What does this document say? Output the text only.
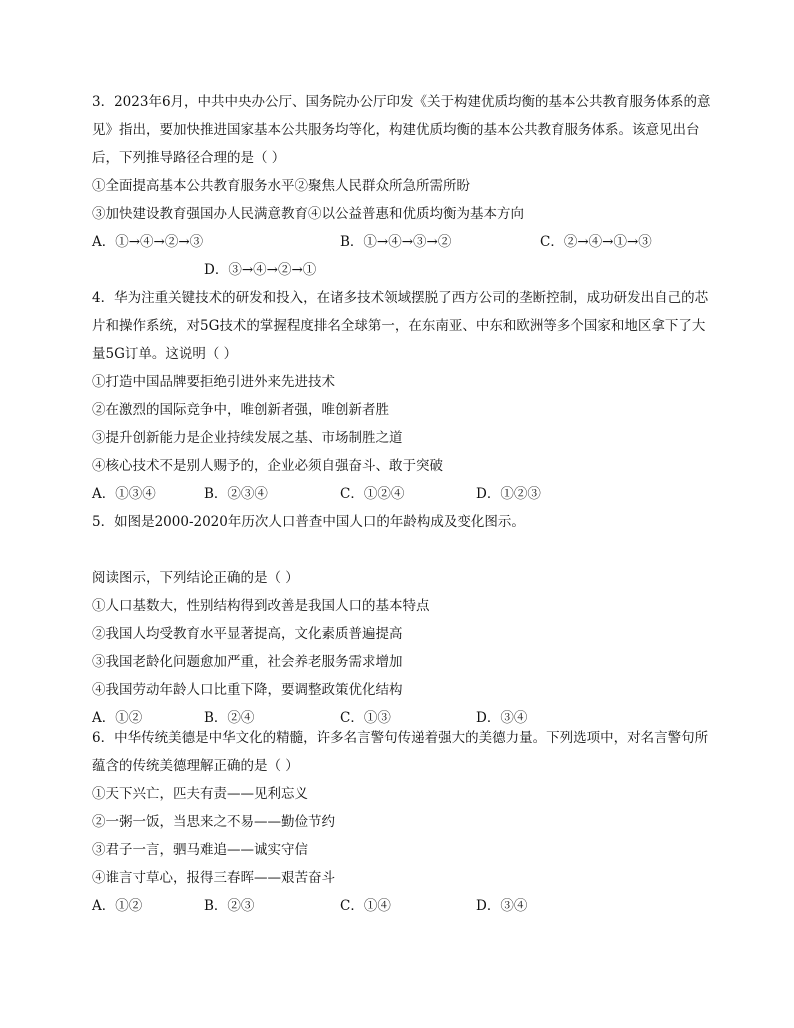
3．2023年6月，中共中央办公厅、国务院办公厅印发《关于构建优质均衡的基本公共教育服务体系的意
见》指出，要加快推进国家基本公共服务均等化，构建优质均衡的基本公共教育服务体系。该意见出台
后，下列推导路径合理的是（ ）
①全面提高基本公共教育服务水平②聚焦人民群众所急所需所盼
③加快建设教育强国办人民满意教育④以公益普惠和优质均衡为基本方向
A．①→④→②→③	B．①→④→③→②	C．②→④→①→③
D．③→④→②→①
4．华为注重关键技术的研发和投入，在诸多技术领域摆脱了西方公司的垄断控制，成功研发出自己的芯
片和操作系统，对5G技术的掌握程度排名全球第一，在东南亚、中东和欧洲等多个国家和地区拿下了大
量5G订单。这说明（ ）
①打造中国品牌要拒绝引进外来先进技术
②在激烈的国际竞争中，唯创新者强，唯创新者胜
③提升创新能力是企业持续发展之基、市场制胜之道
④核心技术不是别人赐予的，企业必须自强奋斗、敢于突破
A．①③④	B．②③④	C．①②④	D．①②③
5．如图是2000-2020年历次人口普查中国人口的年龄构成及变化图示。
阅读图示，下列结论正确的是（ ）
①人口基数大，性别结构得到改善是我国人口的基本特点
②我国人均受教育水平显著提高，文化素质普遍提高
③我国老龄化问题愈加严重，社会养老服务需求增加
④我国劳动年龄人口比重下降，要调整政策优化结构
A．①②	B．②④	C．①③	D．③④
6．中华传统美德是中华文化的精髓，许多名言警句传递着强大的美德力量。下列选项中，对名言警句所
蕴含的传统美德理解正确的是（ ）
①天下兴亡，匹夫有责——见利忘义
②一粥一饭，当思来之不易——勤俭节约
③君子一言，驷马难追——诚实守信
④谁言寸草心，报得三春晖——艰苦奋斗
A．①②	B．②③	C．①④	D．③④
